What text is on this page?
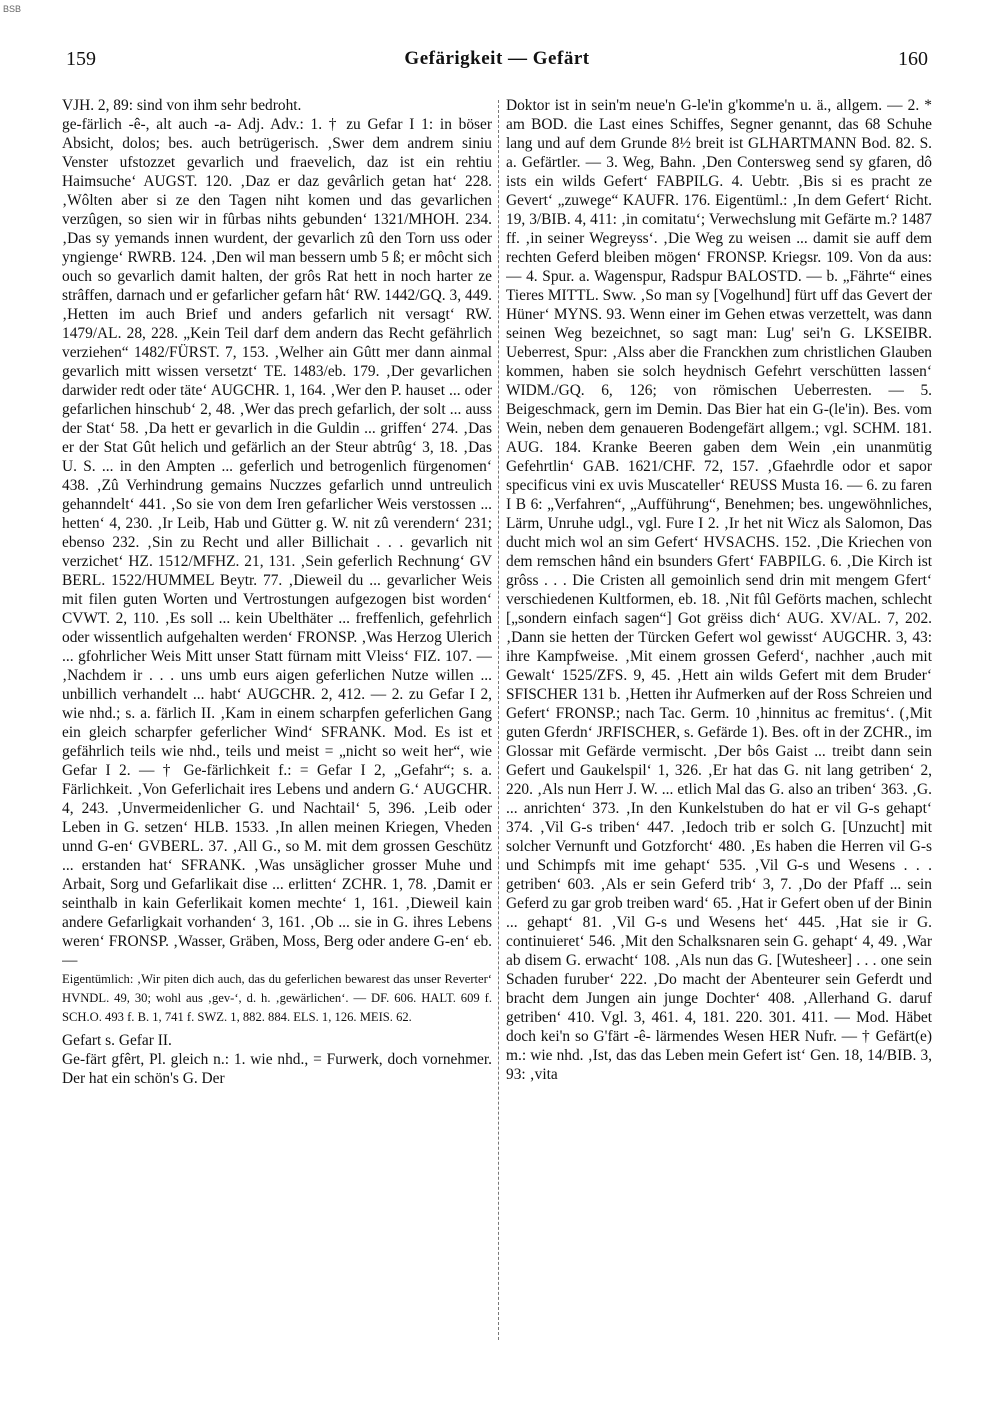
BSB
159	Gefärigkeit — Gefärt	160

VJH. 2, 89: sind von ihm sehr bedroht.

ge-färlich -ê-, alt auch -a- Adj. Adv.: 1. † zu Gefar I 1: in böser Absicht, dolos; bes. auch betrügerisch. ‚Swer dem andrem siniu Venster ufstozzet gevarlich und fraevelich, daz ist ein rehtiu Haimsuche‘ AUGST. 120. ‚Daz er daz gevârlich getan hat‘ 228. ‚Wôlten aber si ze den Tagen niht komen und das gevarlichen verzûgen, so sien wir in fûrbas nihts gebunden‘ 1321/MHOH. 234. ‚Das sy yemands innen wurdent, der gevarlich zû den Torn uss oder yngienge‘ RWRB. 124. ‚Den wil man bessern umb 5 ß; er môcht sich ouch so gevarlich damit halten, der grôs Rat hett in noch harter ze strâffen, darnach und er gefarlicher gefarn hât‘ RW. 1442/GQ. 3, 449. ‚Hetten im auch Brief und anders gefarlich nit versagt‘ RW. 1479/AL. 28, 228. „Kein Teil darf dem andern das Recht gefährlich verziehen“ 1482/FÜRST. 7, 153. ‚Welher ain Gûtt mer dann ainmal gevarlich mitt wissen versetzt‘ TE. 1483/eb. 179. ‚Der gevarlichen darwider redt oder täte‘ AUGCHR. 1, 164. ‚Wer den P. hauset ... oder gefarlichen hinschub‘ 2, 48. ‚Wer das prech gefarlich, der solt ... auss der Stat‘ 58. ‚Da hett er gevarlich in die Guldin ... griffen‘ 274. ‚Das er der Stat Gût helich und gefärlich an der Steur abtrûg‘ 3, 18. ‚Das U. S. ... in den Ampten ... geferlich und betrogenlich fürgenomen‘ 438. ‚Zû Verhindrung gemains Nuczzes gefarlich unnd untreulich gehanndelt‘ 441. ‚So sie von dem Iren gefarlicher Weis verstossen ... hetten‘ 4, 230. ‚Ir Leib, Hab und Gütter g. W. nit zû verendern‘ 231; ebenso 232. ‚Sin zu Recht und aller Billichait . . . gevarlich nit verzichet‘ HZ. 1512/MFHZ. 21, 131. ‚Sein geferlich Rechnung‘ GV BERL. 1522/HUMMEL Beytr. 77. ‚Dieweil du ... gevarlicher Weis mit filen guten Worten und Vertrostungen aufgezogen bist worden‘ CVWT. 2, 110. ‚Es soll ... kein Ubelthäter ... freffenlich, gefehrlich oder wissentlich aufgehalten werden‘ FRONSP. ‚Was Herzog Ulerich ... gfohrlicher Weis Mitt unser Statt fürnam mitt Vleiss‘ FIZ. 107. — ‚Nachdem ir . . . uns umb eurs aigen geferlichen Nutze willen ... unbillich verhandelt ... habt‘ AUGCHR. 2, 412. — 2. zu Gefar I 2, wie nhd.; s. a. färlich II. ‚Kam in einem scharpfen geferlichen Gang ein gleich scharpfer geferlicher Wind‘ SFRANK. Mod. Es ist et gefährlich teils wie nhd., teils und meist = „nicht so weit her“, wie Gefar I 2. — † Ge-färlichkeit f.: = Gefar I 2, „Gefahr“; s. a. Färlichkeit. ‚Von Geferlichait ires Lebens und andern G.‘ AUGCHR. 4, 243. ‚Unvermeidenlicher G. und Nachtail‘ 5, 396. ‚Leib oder Leben in G. setzen‘ HLB. 1533. ‚In allen meinen Kriegen, Vheden unnd G-en‘ GVBERL. 37. ‚All G., so M. mit dem grossen Geschütz ... erstanden hat‘ SFRANK. ‚Was unsäglicher grosser Muhe und Arbait, Sorg und Gefarlikait dise ... erlitten‘ ZCHR. 1, 78. ‚Damit er seinthalb in kain Geferlikait komen mechte‘ 1, 161. ‚Dieweil kain andere Gefarligkait vorhanden‘ 3, 161. ‚Ob ... sie in G. ihres Lebens weren‘ FRONSP. ‚Wasser, Gräben, Moss, Berg oder andere G-en‘ eb. —

Eigentümlich: ‚Wir piten dich auch, das du geferlichen bewarest das unser Reverter‘ HVNDL. 49, 30; wohl aus ‚gev-‘, d. h. ‚gewärlichen‘. — DF. 606. HALT. 609 f. SCH.O. 493 f. B. 1, 741 f. SWZ. 1, 882. 884. ELS. 1, 126. MEIS. 62.

Gefart s. Gefar II.

Ge-färt gfêrt, Pl. gleich n.: 1. wie nhd., = Furwerk, doch vornehmer. Der hat ein schön's G. Der

Doktor ist in sein'm neue'n G-le'in g'komme'n u. ä., allgem. — 2. * am BOD. die Last eines Schiffes, Segner genannt, das 68 Schuhe lang und auf dem Grunde 8½ breit ist GLHARTMANN Bod. 82. S. a. Gefärtler. — 3. Weg, Bahn. ‚Den Contersweg send sy gfaren, dô ists ein wilds Gefert‘ FABPILG. 4. Uebtr. ‚Bis si es pracht ze Gevert‘ „zuwege“ KAUFR. 176. Eigentüml.: ‚In dem Gefert‘ Richt. 19, 3/BIB. 4, 411: ‚in comitatu‘; Verwechslung mit Gefärte m.? 1487 ff. ‚in seiner Wegreyss‘. ‚Die Weg zu weisen ... damit sie auff dem rechten Geferd bleiben mögen‘ FRONSP. Kriegsr. 109. Von da aus: — 4. Spur. a. Wagenspur, Radspur BALOSTD. — b. „Fährte“ eines Tieres MITTL. Sww. ‚So man sy [Vogelhund] fürt uff das Gevert der Hüner‘ MYNS. 93. Wenn einer im Gehen etwas verzettelt, was dann seinen Weg bezeichnet, so sagt man: Lug' sei'n G. LKSEIBR. Ueberrest, Spur: ‚Alss aber die Franckhen zum christlichen Glauben kommen, haben sie solch heydnisch Gefehrt verschütten lassen‘ WIDM./GQ. 6, 126; von römischen Ueberresten. — 5. Beigeschmack, gern im Demin. Das Bier hat ein G-(le'in). Bes. vom Wein, neben dem genaueren Bodengefärt allgem.; vgl. SCHM. 181. AUG. 184. Kranke Beeren gaben dem Wein ‚ein unanmütig Gefehrtlin‘ GAB. 1621/CHF. 72, 157. ‚Gfaehrdle odor et sapor specificus vini ex uvis Muscateller‘ REUSS Musta 16. — 6. zu faren I B 6: „Verfahren“, „Aufführung“, Benehmen; bes. ungewöhnliches, Lärm, Unruhe udgl., vgl. Fure I 2. ‚Ir het nit Wicz als Salomon, Das ducht mich wol an sim Gefert‘ HVSACHS. 152. ‚Die Kriechen von dem remschen hând ein bsunders Gfert‘ FABPILG. 6. ‚Die Kirch ist grôss . . . Die Cristen all gemoinlich send drin mit mengem Gfert‘ verschiedenen Kultformen, eb. 18. ‚Nit fûl Geförts machen, schlecht [„sondern einfach sagen“] Got grëiss dich‘ AUG. XV/AL. 7, 202. ‚Dann sie hetten der Türcken Gefert wol gewisst‘ AUGCHR. 3, 43: ihre Kampfweise. ‚Mit einem grossen Geferd‘, nachher ‚auch mit Gewalt‘ 1525/ZFS. 9, 45. ‚Hett ain wilds Gefert mit dem Bruder‘ SFISCHER 131 b. ‚Hetten ihr Aufmerken auf der Ross Schreien und Gefert‘ FRONSP.; nach Tac. Germ. 10 ‚hinnitus ac fremitus‘. (‚Mit guten Gferdn‘ JRFISCHER, s. Gefärde 1). Bes. oft in der ZCHR., im Glossar mit Gefärde vermischt. ‚Der bôs Gaist ... treibt dann sein Gefert und Gaukelspil‘ 1, 326. ‚Er hat das G. nit lang getriben‘ 2, 220. ‚Als nun Herr J. W. ... etlich Mal das G. also an triben‘ 363. ‚G. ... anrichten‘ 373. ‚In den Kunkelstuben do hat er vil G-s gehapt‘ 374. ‚Vil G-s triben‘ 447. ‚Iedoch trib er solch G. [Unzucht] mit solcher Vernunft und Gotzforcht‘ 480. ‚Es haben die Herren vil G-s und Schimpfs mit ime gehapt‘ 535. ‚Vil G-s und Wesens . . . getriben‘ 603. ‚Als er sein Geferd trib‘ 3, 7. ‚Do der Pfaff ... sein Geferd zu gar grob treiben ward‘ 65. ‚Hat ir Gefert oben uf der Binin ... gehapt‘ 81. ‚Vil G-s und Wesens het‘ 445. ‚Hat sie ir G. continuieret‘ 546. ‚Mit den Schalksnaren sein G. gehapt‘ 4, 49. ‚War ab disem G. erwacht‘ 108. ‚Als nun das G. [Wutesheer] . . . one sein Schaden furuber‘ 222. ‚Do macht der Abenteurer sein Geferdt und bracht dem Jungen ain junge Dochter‘ 408. ‚Allerhand G. daruf getriben‘ 410. Vgl. 3, 461. 4, 181. 220. 301. 411. — Mod. Häbet doch kei'n so G'färt -ê- lärmendes Wesen HER Nufr. — † Gefärt(e) m.: wie nhd. ‚Ist, das das Leben mein Gefert ist‘ Gen. 18, 14/BIB. 3, 93: ‚vita
